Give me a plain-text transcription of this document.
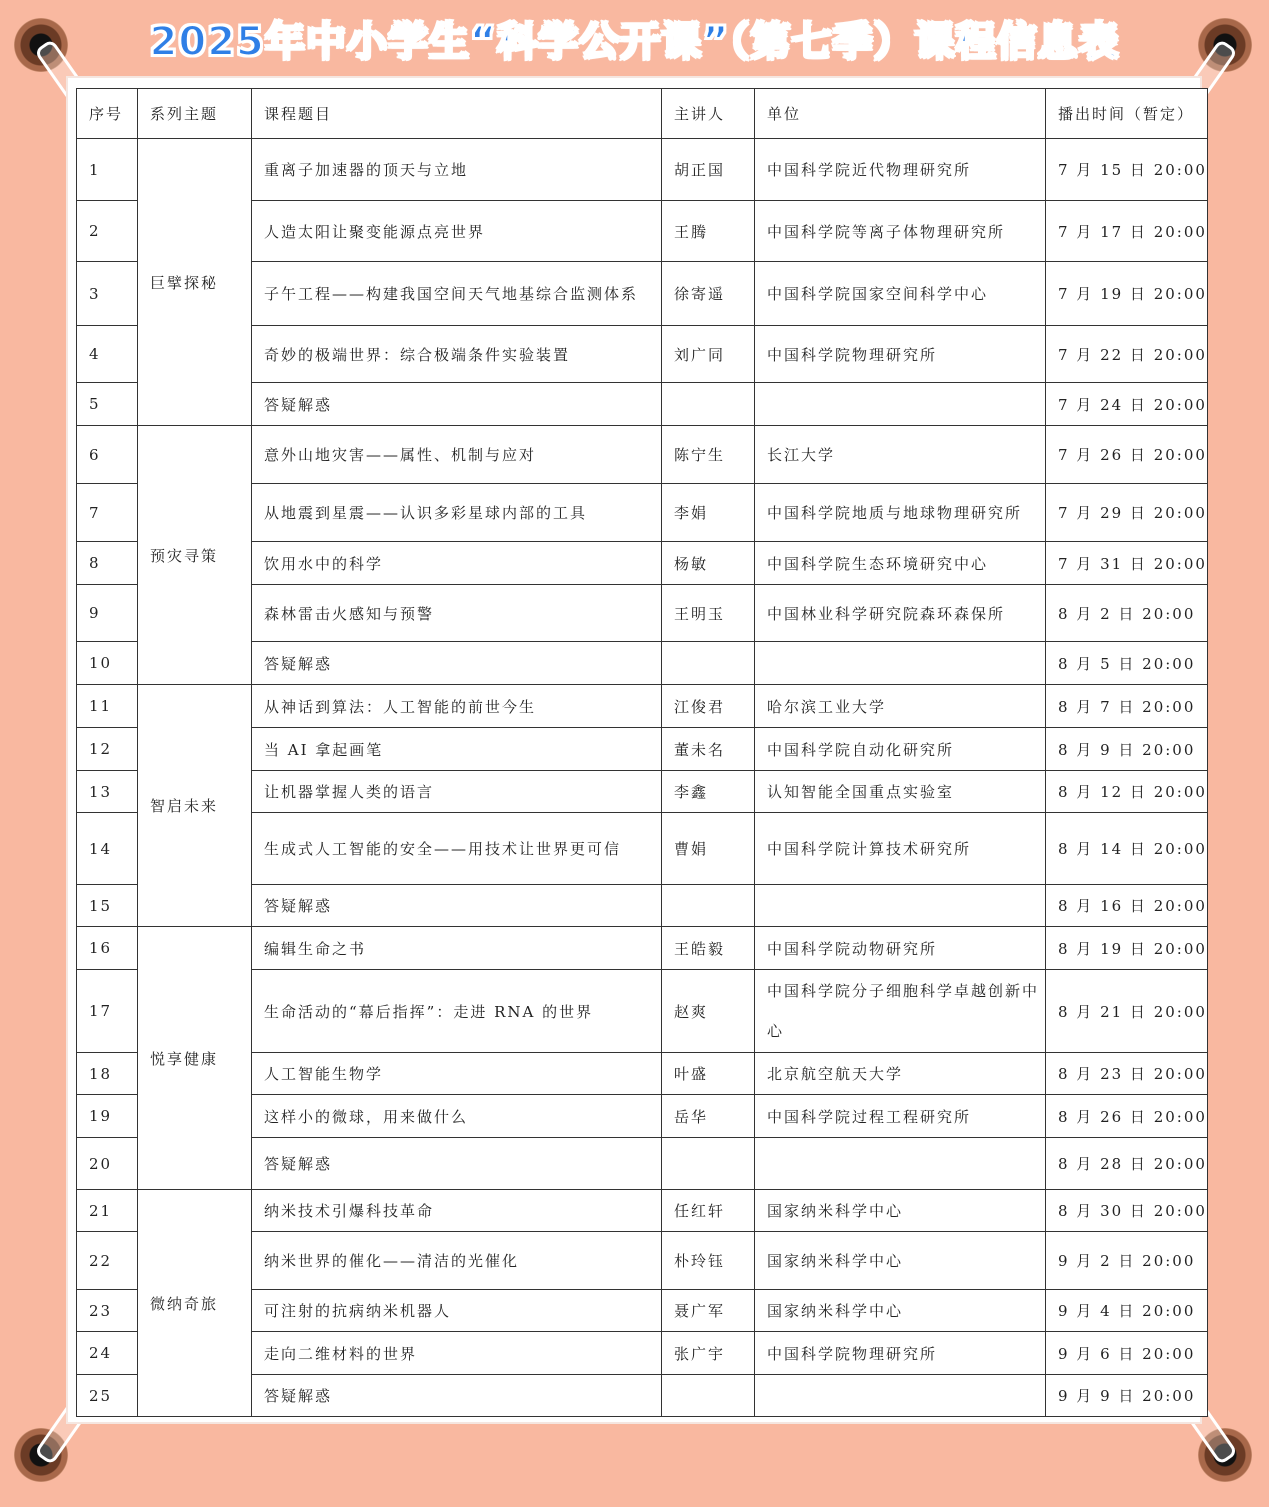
2025年中小学生“科学公开课”（第七季）课程信息表
序号	系列主题	课程题目	主讲人	单位	播出时间（暂定）
1	巨擘探秘	重离子加速器的顶天与立地	胡正国	中国科学院近代物理研究所	7 月 15 日 20:00
2		人造太阳让聚变能源点亮世界	王腾	中国科学院等离子体物理研究所	7 月 17 日 20:00
3		子午工程——构建我国空间天气地基综合监测体系	徐寄遥	中国科学院国家空间科学中心	7 月 19 日 20:00
4		奇妙的极端世界：综合极端条件实验装置	刘广同	中国科学院物理研究所	7 月 22 日 20:00
5		答疑解惑			7 月 24 日 20:00
6	预灾寻策	意外山地灾害——属性、机制与应对	陈宁生	长江大学	7 月 26 日 20:00
7		从地震到星震——认识多彩星球内部的工具	李娟	中国科学院地质与地球物理研究所	7 月 29 日 20:00
8		饮用水中的科学	杨敏	中国科学院生态环境研究中心	7 月 31 日 20:00
9		森林雷击火感知与预警	王明玉	中国林业科学研究院森环森保所	8 月 2 日 20:00
10		答疑解惑			8 月 5 日 20:00
11	智启未来	从神话到算法：人工智能的前世今生	江俊君	哈尔滨工业大学	8 月 7 日 20:00
12		当 AI 拿起画笔	董未名	中国科学院自动化研究所	8 月 9 日 20:00
13		让机器掌握人类的语言	李鑫	认知智能全国重点实验室	8 月 12 日 20:00
14		生成式人工智能的安全——用技术让世界更可信	曹娟	中国科学院计算技术研究所	8 月 14 日 20:00
15		答疑解惑			8 月 16 日 20:00
16	悦享健康	编辑生命之书	王皓毅	中国科学院动物研究所	8 月 19 日 20:00
17		生命活动的“幕后指挥”：走进 RNA 的世界	赵爽	中国科学院分子细胞科学卓越创新中心	8 月 21 日 20:00
18		人工智能生物学	叶盛	北京航空航天大学	8 月 23 日 20:00
19		这样小的微球，用来做什么	岳华	中国科学院过程工程研究所	8 月 26 日 20:00
20		答疑解惑			8 月 28 日 20:00
21	微纳奇旅	纳米技术引爆科技革命	任红轩	国家纳米科学中心	8 月 30 日 20:00
22		纳米世界的催化——清洁的光催化	朴玲钰	国家纳米科学中心	9 月 2 日 20:00
23		可注射的抗病纳米机器人	聂广军	国家纳米科学中心	9 月 4 日 20:00
24		走向二维材料的世界	张广宇	中国科学院物理研究所	9 月 6 日 20:00
25		答疑解惑			9 月 9 日 20:00
